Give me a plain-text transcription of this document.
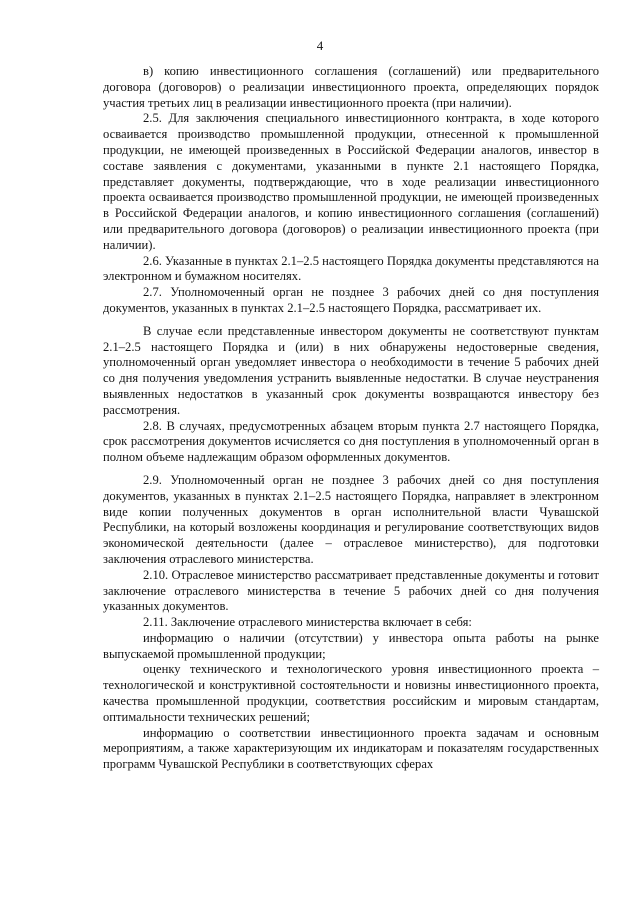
4

в) копию инвестиционного соглашения (соглашений) или предварительного договора (договоров) о реализации инвестиционного проекта, определяющих порядок участия третьих лиц в реализации инвестиционного проекта (при наличии).

2.5. Для заключения специального инвестиционного контракта, в ходе которого осваивается производство промышленной продукции, отнесенной к промышленной продукции, не имеющей произведенных в Российской Федерации аналогов, инвестор в составе заявления с документами, указанными в пункте 2.1 настоящего Порядка, представляет документы, подтверждающие, что в ходе реализации инвестиционного проекта осваивается производство промышленной продукции, не имеющей произведенных в Российской Федерации аналогов, и копию инвестиционного соглашения (соглашений) или предварительного договора (договоров) о реализации инвестиционного проекта (при наличии).

2.6. Указанные в пунктах 2.1–2.5 настоящего Порядка документы представляются на электронном и бумажном носителях.

2.7. Уполномоченный орган не позднее 3 рабочих дней со дня поступления документов, указанных в пунктах 2.1–2.5 настоящего Порядка, рассматривает их.

В случае если представленные инвестором документы не соответствуют пунктам 2.1–2.5 настоящего Порядка и (или) в них обнаружены недостоверные сведения, уполномоченный орган уведомляет инвестора о необходимости в течение 5 рабочих дней со дня получения уведомления устранить выявленные недостатки. В случае неустранения выявленных недостатков в указанный срок документы возвращаются инвестору без рассмотрения.

2.8. В случаях, предусмотренных абзацем вторым пункта 2.7 настоящего Порядка, срок рассмотрения документов исчисляется со дня поступления в уполномоченный орган в полном объеме надлежащим образом оформленных документов.

2.9. Уполномоченный орган не позднее 3 рабочих дней со дня поступления документов, указанных в пунктах 2.1–2.5 настоящего Порядка, направляет в электронном виде копии полученных документов в орган исполнительной власти Чувашской Республики, на который возложены координация и регулирование соответствующих видов экономической деятельности (далее – отраслевое министерство), для подготовки заключения отраслевого министерства.

2.10. Отраслевое министерство рассматривает представленные документы и готовит заключение отраслевого министерства в течение 5 рабочих дней со дня получения указанных документов.

2.11. Заключение отраслевого министерства включает в себя:

информацию о наличии (отсутствии) у инвестора опыта работы на рынке выпускаемой промышленной продукции;

оценку технического и технологического уровня инвестиционного проекта – технологической и конструктивной состоятельности и новизны инвестиционного проекта, качества промышленной продукции, соответствия российским и мировым стандартам, оптимальности технических решений;

информацию о соответствии инвестиционного проекта задачам и основным мероприятиям, а также характеризующим их индикаторам и показателям государственных программ Чувашской Республики в соответствующих сферах
